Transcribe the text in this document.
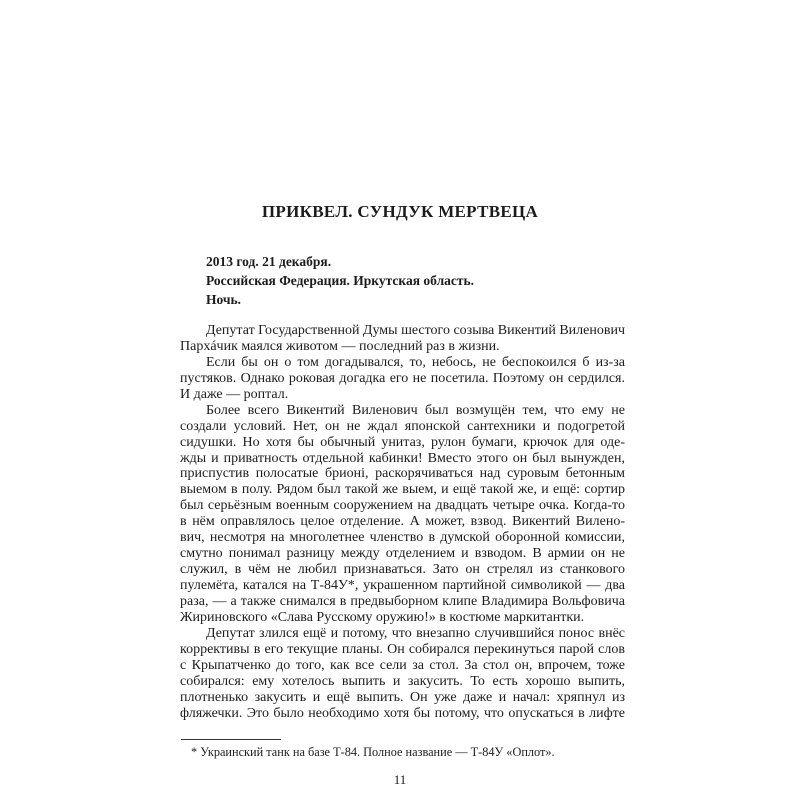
ПРИКВЕЛ. СУНДУК МЕРТВЕЦА
2013 год. 21 декабря.
Российская Федерация. Иркутская область.
Ночь.
Депутат Государственной Думы шестого созыва Викентий Виленович
Пархáчик маялся животом — последний раз в жизни.
Если бы он о том догадывался, то, небось, не беспокоился б из-за
пустяков. Однако роковая догадка его не посетила. Поэтому он сердился.
И даже — роптал.
Более всего Викентий Виленович был возмущён тем, что ему не
создали условий. Нет, он не ждал японской сантехники и подогретой
сидушки. Но хотя бы обычный унитаз, рулон бумаги, крючок для оде-
жды и приватность отдельной кабинки! Вместо этого он был вынужден,
приспустив полосатые брионі, раскорячиваться над суровым бетонным
выемом в полу. Рядом был такой же выем, и ещё такой же, и ещё: сортир
был серьёзным военным сооружением на двадцать четыре очка. Когда-то
в нём оправлялось целое отделение. А может, взвод. Викентий Вилено-
вич, несмотря на многолетнее членство в думской оборонной комиссии,
смутно понимал разницу между отделением и взводом. В армии он не
служил, в чём не любил признаваться. Зато он стрелял из станкового
пулемёта, катался на Т-84У*, украшенном партийной символикой — два
раза, — а также снимался в предвыборном клипе Владимира Вольфовича
Жириновского «Слава Русскому оружию!» в костюме маркитантки.
Депутат злился ещё и потому, что внезапно случившийся понос внёс
коррективы в его текущие планы. Он собирался перекинуться парой слов
с Крыпатченко до того, как все сели за стол. За стол он, впрочем, тоже
собирался: ему хотелось выпить и закусить. То есть хорошо выпить,
плотненько закусить и ещё выпить. Он уже даже и начал: хряпнул из
фляжечки. Это было необходимо хотя бы потому, что опускаться в лифте
* Украинский танк на базе Т-84. Полное название — Т-84У «Оплот».
11
